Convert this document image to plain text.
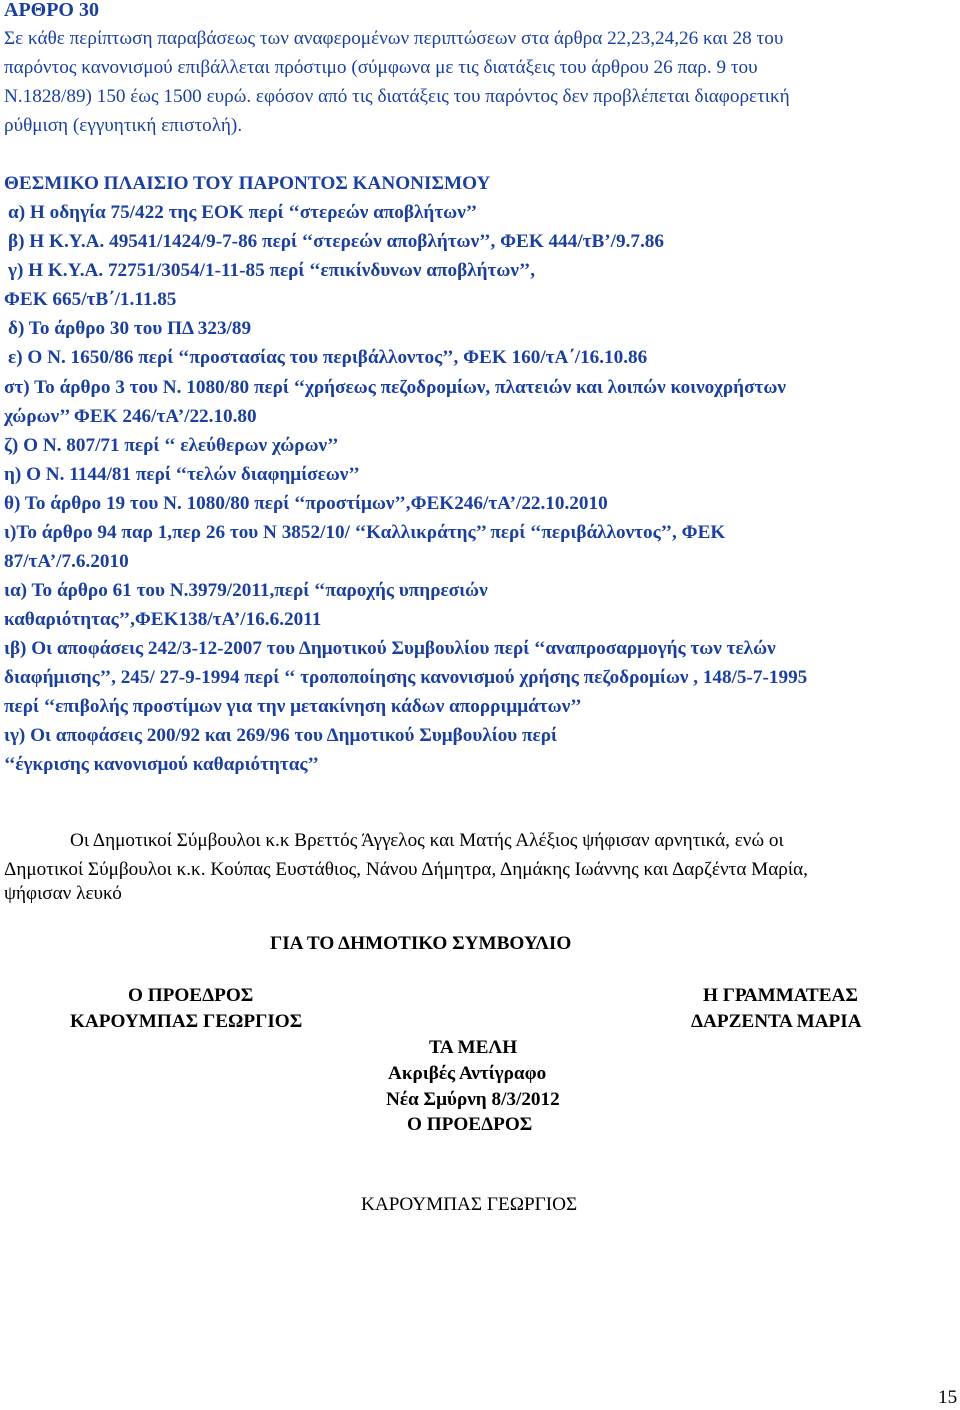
ΑΡΘΡΟ 30
Σε κάθε περίπτωση παραβάσεως των αναφερομένων περιπτώσεων στα άρθρα 22,23,24,26 και 28 του
παρόντος κανονισμού επιβάλλεται πρόστιμο (σύμφωνα με τις διατάξεις του άρθρου 26 παρ. 9 του
Ν.1828/89) 150 έως 1500 ευρώ. εφόσον από τις διατάξεις του παρόντος δεν προβλέπεται διαφορετική
ρύθμιση (εγγυητική επιστολή).
ΘΕΣΜΙΚΟ ΠΛΑΙΣΙΟ ΤΟΥ ΠΑΡΟΝΤΟΣ ΚΑΝΟΝΙΣΜΟΥ
α) Η οδηγία 75/422 της ΕΟΚ περί ‘‘στερεών αποβλήτων’’
β) Η Κ.Υ.Α. 49541/1424/9-7-86 περί ‘‘στερεών αποβλήτων’’, ΦΕΚ 444/τΒ’/9.7.86
γ) Η Κ.Υ.Α. 72751/3054/1-11-85 περί ‘‘επικίνδυνων αποβλήτων’’,
ΦΕΚ 665/τΒ΄/1.11.85
δ) Το άρθρο 30 του ΠΔ 323/89
ε) Ο Ν. 1650/86 περί ‘‘προστασίας του περιβάλλοντος’’, ΦΕΚ 160/τΑ΄/16.10.86
στ) Το άρθρο 3 του Ν. 1080/80 περί ‘‘χρήσεως πεζοδρομίων, πλατειών και λοιπών κοινοχρήστων
χώρων’’ ΦΕΚ 246/τΑ’/22.10.80
ζ) Ο Ν. 807/71 περί ‘‘ ελεύθερων χώρων’’
η) Ο Ν. 1144/81 περί ‘‘τελών διαφημίσεων’’
θ) Το άρθρο 19 του Ν. 1080/80 περί ‘‘προστίμων’’,ΦΕΚ246/τΑ’/22.10.2010
ι)Το άρθρο 94 παρ 1,περ 26 του Ν 3852/10/ ‘‘Καλλικράτης’’ περί ‘‘περιβάλλοντος’’, ΦΕΚ
87/τΑ’/7.6.2010
ια) Το άρθρο 61 του Ν.3979/2011,περί ‘‘παροχής υπηρεσιών
καθαριότητας’’,ΦΕΚ138/τΑ’/16.6.2011
ιβ) Οι αποφάσεις 242/3-12-2007 του Δημοτικού Συμβουλίου περί ‘‘αναπροσαρμογής των τελών
διαφήμισης’’, 245/ 27-9-1994 περί ‘‘ τροποποίησης κανονισμού χρήσης πεζοδρομίων , 148/5-7-1995
περί ‘‘επιβολής προστίμων για την μετακίνηση κάδων απορριμμάτων’’
ιγ) Οι αποφάσεις 200/92 και 269/96 του Δημοτικού Συμβουλίου περί
‘‘έγκρισης κανονισμού καθαριότητας’’
Οι Δημοτικοί Σύμβουλοι κ.κ Βρεττός Άγγελος και Ματής Αλέξιος ψήφισαν αρνητικά, ενώ οι
Δημοτικοί Σύμβουλοι κ.κ. Κούπας Ευστάθιος, Νάνου Δήμητρα, Δημάκης Ιωάννης και Δαρζέντα Μαρία,
ψήφισαν λευκό
ΓΙΑ ΤΟ ΔΗΜΟΤΙΚΟ ΣΥΜΒΟΥΛΙΟ
Ο ΠΡΟΕΔΡΟΣ
ΚΑΡΟΥΜΠΑΣ ΓΕΩΡΓΙΟΣ
Η ΓΡΑΜΜΑΤΕΑΣ
ΔΑΡΖΕΝΤΑ ΜΑΡΙΑ
ΤΑ ΜΕΛΗ
Ακριβές Αντίγραφο
Νέα Σμύρνη 8/3/2012
Ο ΠΡΟΕΔΡΟΣ
ΚΑΡΟΥΜΠΑΣ ΓΕΩΡΓΙΟΣ
15
